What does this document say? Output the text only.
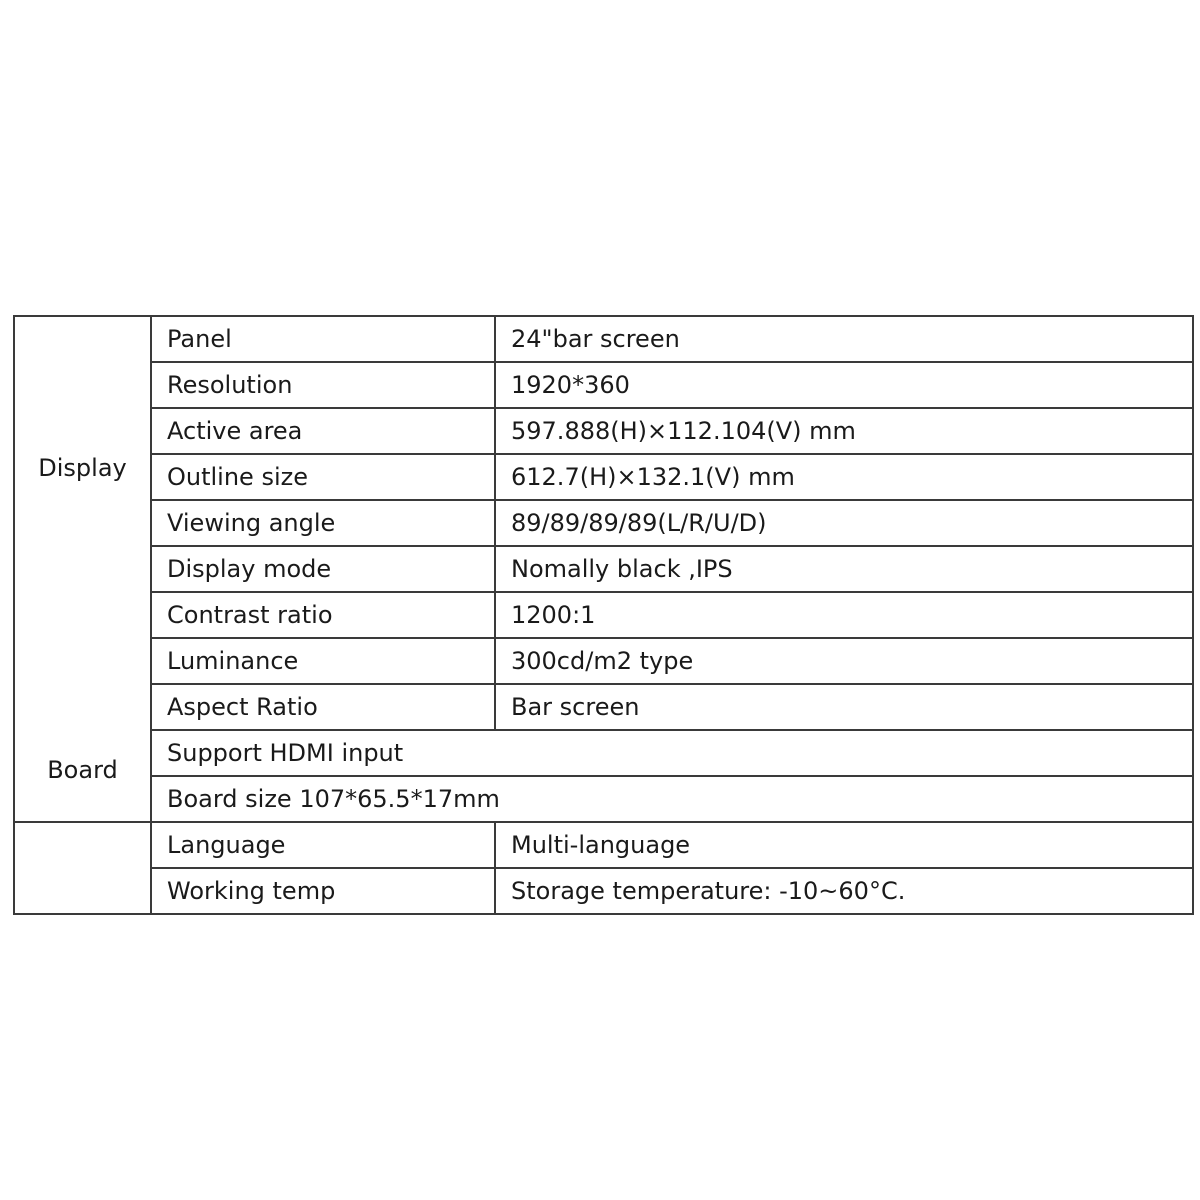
Display
Board	Panel	24"bar screen
	Resolution	1920*360
	Active area	597.888(H)×112.104(V) mm
	Outline size	612.7(H)×132.1(V) mm
	Viewing angle	89/89/89/89(L/R/U/D)
	Display mode	Nomally black ,IPS
	Contrast ratio	1200:1
	Luminance	300cd/m2 type
	Aspect Ratio	Bar screen
	Support HDMI input	
	Board size 107*65.5*17mm	
	Language	Multi-language
	Working temp	Storage temperature: -10~60°C.
